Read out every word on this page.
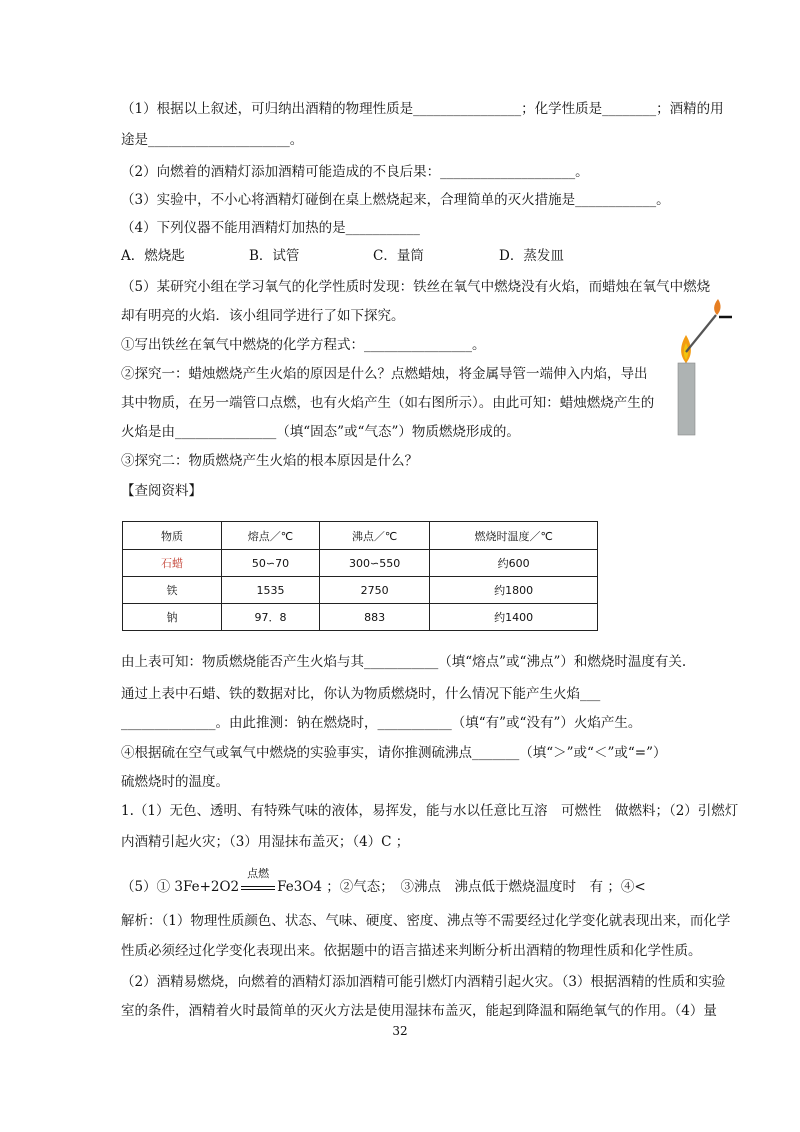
（1）根据以上叙述，可归纳出酒精的物理性质是________________；化学性质是________；酒精的用
途是_____________________。
（2）向燃着的酒精灯添加酒精可能造成的不良后果：____________________。
（3）实验中，不小心将酒精灯碰倒在桌上燃烧起来，合理简单的灭火措施是____________。
（4）下列仪器不能用酒精灯加热的是___________
A．燃烧匙	B．试管	C．量筒	D．蒸发皿
（5）某研究小组在学习氧气的化学性质时发现：铁丝在氧气中燃烧没有火焰，而蜡烛在氧气中燃烧
却有明亮的火焰．该小组同学进行了如下探究。
①写出铁丝在氧气中燃烧的化学方程式：________________。
②探究一：蜡烛燃烧产生火焰的原因是什么？点燃蜡烛，将金属导管一端伸入内焰，导出
其中物质，在另一端管口点燃，也有火焰产生（如右图所示）。由此可知：蜡烛燃烧产生的
火焰是由_______________（填“固态”或“气态”）物质燃烧形成的。
③探究二：物质燃烧产生火焰的根本原因是什么？
【查阅资料】
物质	熔点／℃	沸点／℃	燃烧时温度／℃
石蜡	50∽70	300∽550	约600
铁	1535	2750	约1800
钠	97．8	883	约1400
由上表可知：物质燃烧能否产生火焰与其___________（填“熔点”或“沸点”）和燃烧时温度有关.
通过上表中石蜡、铁的数据对比，你认为物质燃烧时，什么情况下能产生火焰___
______________。由此推测：钠在燃烧时，___________（填“有”或“没有”）火焰产生。
④根据硫在空气或氧气中燃烧的实验事实，请你推测硫沸点_______（填“＞”或“＜”或“=”）
硫燃烧时的温度。
1.（1）无色、透明、有特殊气味的液体，易挥发，能与水以任意比互溶　可燃性　做燃料；（2）引燃灯
内酒精引起火灾；（3）用湿抹布盖灭；（4）C ；
（5）① 3Fe+2O2
点燃
Fe3O4 ；②气态；　③沸点　沸点低于燃烧温度时　有 ；④<
解析：（1）物理性质颜色、状态、气味、硬度、密度、沸点等不需要经过化学变化就表现出来，而化学
性质必须经过化学变化表现出来。依据题中的语言描述来判断分析出酒精的物理性质和化学性质。
（2）酒精易燃烧，向燃着的酒精灯添加酒精可能引燃灯内酒精引起火灾。（3）根据酒精的性质和实验
室的条件，酒精着火时最简单的灭火方法是使用湿抹布盖灭，能起到降温和隔绝氧气的作用。（4）量
32
